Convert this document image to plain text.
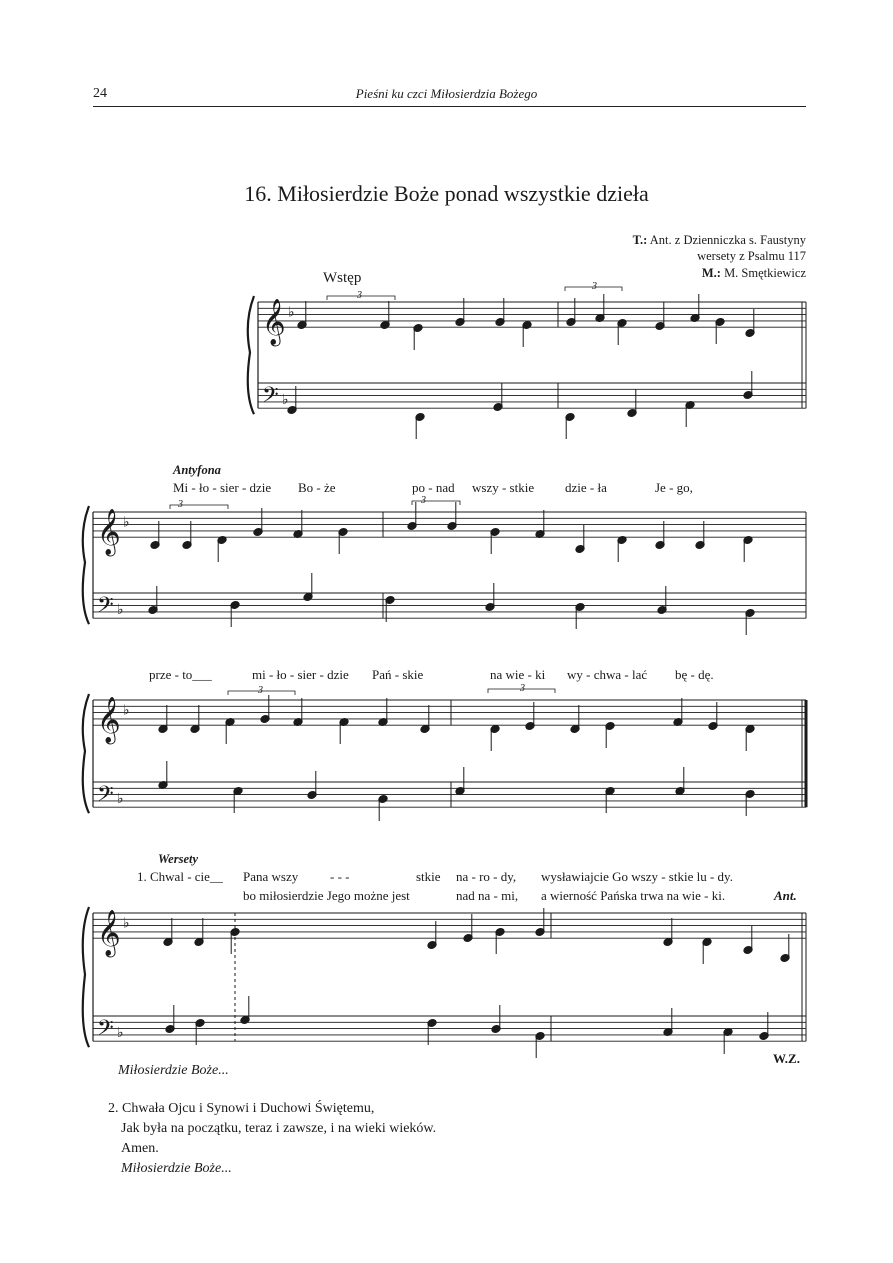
24	Pieśni ku czci Miłosierdzia Bożego
16. Miłosierdzie Boże ponad wszystkie dzieła
T.: Ant. z Dzienniczka s. Faustyny
wersety z Psalmu 117
M.: M. Smętkiewicz
Wstęp
Antyfona
Wersety
Mi - ło - sier - dzie Bo - że	po - nad wszy - stkie dzie - ła	Je - go,
prze - to___	mi - ło - sier - dzie Pań - skie	na wie - ki wy - chwa - lać bę - dę.
1. Chwal - cie__ Pana wszy - - -	stkie na - ro - dy, wysławiajcie Go wszy - stkie lu - dy.
bo miłosierdzie Jego możne jest	nad na - mi, a wierność Pańska trwa na wie - ki.	Ant.
3
3
3	3
3	3
𝄞
𝄢
♭
♭
𝄞
𝄢
♭
♭
𝄞
𝄢
♭
♭
𝄞
𝄢
♭
♭
W.Z.
Miłosierdzie Boże...
2. Chwała Ojcu i Synowi i Duchowi Świętemu,
Jak była na początku, teraz i zawsze, i na wieki wieków.
Amen.
Miłosierdzie Boże...
